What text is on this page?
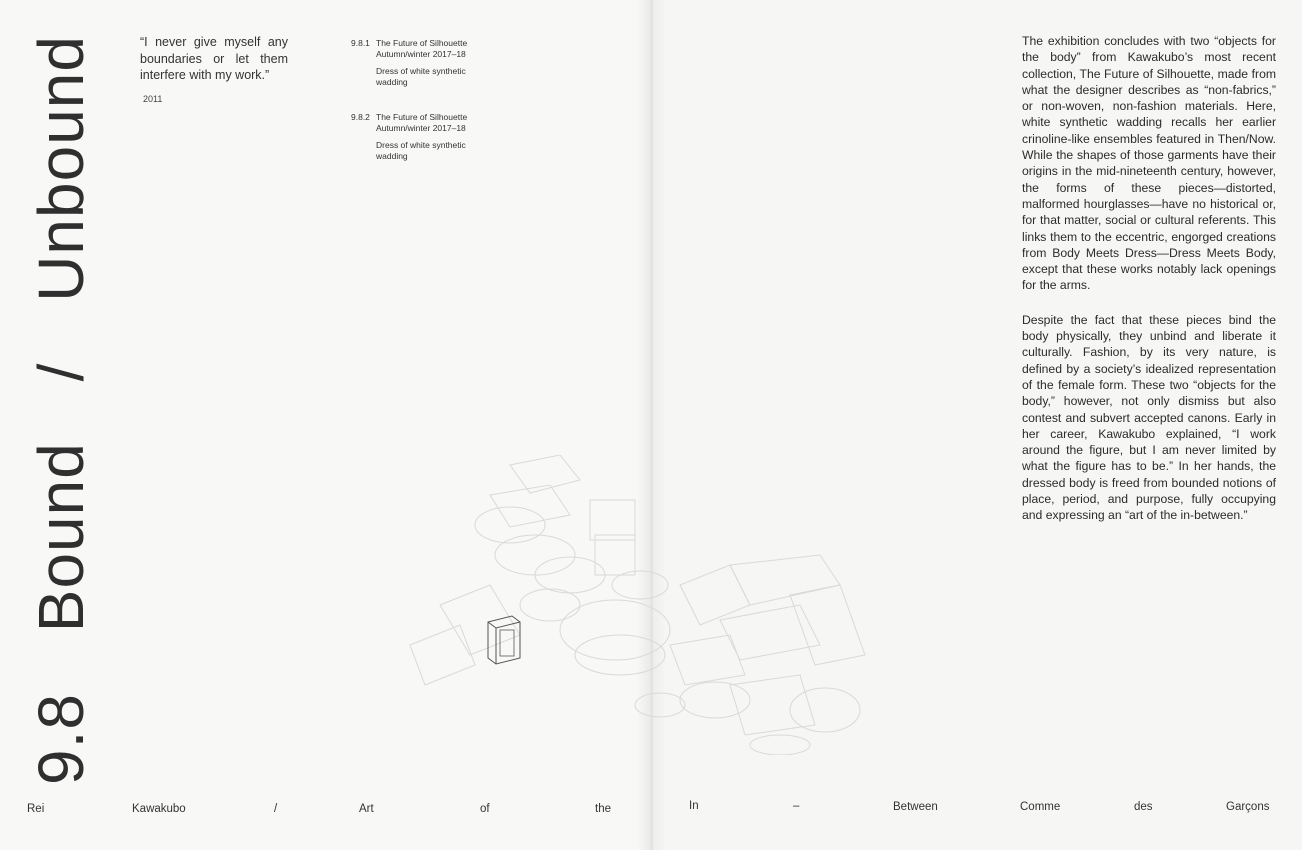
9.8
Bound
/
Unbound	“I never give myself any boundaries or let them interfere with my work.”
2011
9.8.1 The Future of Silhouette
Autumn/winter 2017–18
Dress of white synthetic wadding
9.8.2 The Future of Silhouette
Autumn/winter 2017–18
Dress of white synthetic wadding

The exhibition concludes with two “objects for the body” from Kawakubo’s most recent collection, The Future of Silhouette, made from what the designer describes as “non-fabrics,” or non-woven, non-fashion materials. Here, white synthetic wadding recalls her earlier crinoline-like ensembles featured in Then/Now. While the shapes of those garments have their origins in the mid-nineteenth century, however, the forms of these pieces—distorted, malformed hourglasses—have no historical or, for that matter, social or cultural referents. This links them to the eccentric, engorged creations from Body Meets Dress—Dress Meets Body, except that these works notably lack openings for the arms.

Despite the fact that these pieces bind the body physically, they unbind and liberate it culturally. Fashion, by its very nature, is defined by a society’s idealized representation of the female form. These two “objects for the body,” however, not only dismiss but also contest and subvert accepted canons. Early in her career, Kawakubo explained, “I work around the figure, but I am never limited by what the figure has to be.” In her hands, the dressed body is freed from bounded notions of place, period, and purpose, fully occupying and expressing an “art of the in-between.”

Rei	Kawakubo	/	Art	of	the	In	–	Between	Comme	des	Garçons
